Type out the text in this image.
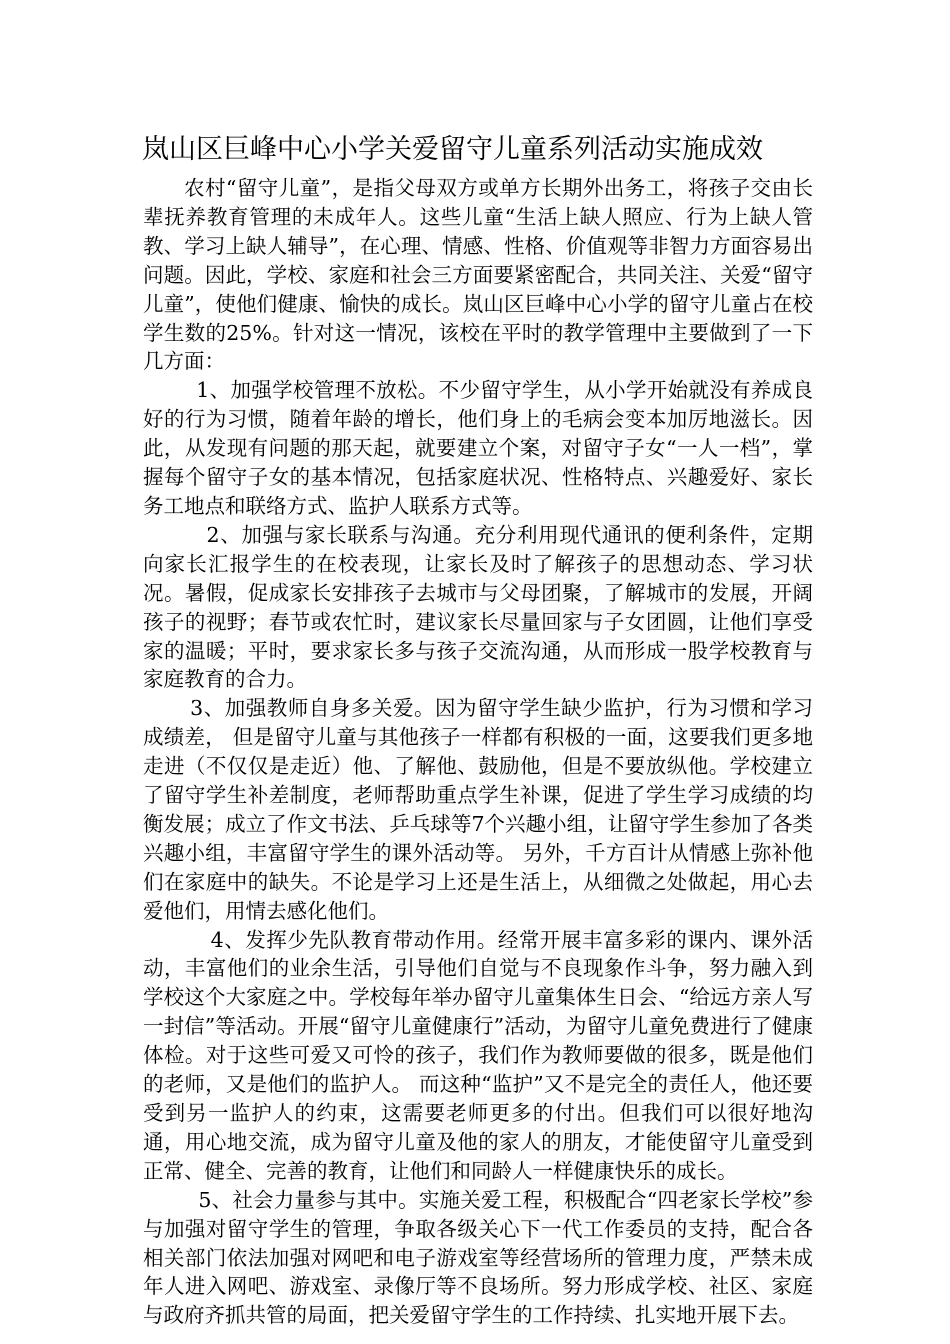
岚山区巨峰中心小学关爱留守儿童系列活动实施成效

农村“留守儿童”，是指父母双方或单方长期外出务工，将孩子交由长辈抚养教育管理的未成年人。这些儿童“生活上缺人照应、行为上缺人管教、学习上缺人辅导”，在心理、情感、性格、价值观等非智力方面容易出问题。因此，学校、家庭和社会三方面要紧密配合，共同关注、关爱“留守儿童”，使他们健康、愉快的成长。岚山区巨峰中心小学的留守儿童占在校学生数的25%。针对这一情况，该校在平时的教学管理中主要做到了一下几方面：

1、加强学校管理不放松。不少留守学生，从小学开始就没有养成良好的行为习惯，随着年龄的增长，他们身上的毛病会变本加厉地滋长。因此，从发现有问题的那天起，就要建立个案，对留守子女“一人一档”，掌握每个留守子女的基本情况，包括家庭状况、性格特点、兴趣爱好、家长务工地点和联络方式、监护人联系方式等。

2、加强与家长联系与沟通。充分利用现代通讯的便利条件，定期向家长汇报学生的在校表现，让家长及时了解孩子的思想动态、学习状况。暑假，促成家长安排孩子去城市与父母团聚，了解城市的发展，开阔孩子的视野；春节或农忙时，建议家长尽量回家与子女团圆，让他们享受家的温暖；平时，要求家长多与孩子交流沟通，从而形成一股学校教育与家庭教育的合力。

3、加强教师自身多关爱。因为留守学生缺少监护，行为习惯和学习成绩差， 但是留守儿童与其他孩子一样都有积极的一面，这要我们更多地走进（不仅仅是走近）他、了解他、鼓励他，但是不要放纵他。学校建立了留守学生补差制度，老师帮助重点学生补课，促进了学生学习成绩的均衡发展；成立了作文书法、乒乓球等7个兴趣小组，让留守学生参加了各类兴趣小组，丰富留守学生的课外活动等。 另外，千方百计从情感上弥补他们在家庭中的缺失。不论是学习上还是生活上，从细微之处做起，用心去爱他们，用情去感化他们。

4、发挥少先队教育带动作用。经常开展丰富多彩的课内、课外活动，丰富他们的业余生活，引导他们自觉与不良现象作斗争，努力融入到学校这个大家庭之中。学校每年举办留守儿童集体生日会、“给远方亲人写一封信”等活动。开展“留守儿童健康行”活动，为留守儿童免费进行了健康体检。对于这些可爱又可怜的孩子，我们作为教师要做的很多，既是他们的老师，又是他们的监护人。 而这种“监护”又不是完全的责任人，他还要受到另一监护人的约束，这需要老师更多的付出。但我们可以很好地沟通，用心地交流，成为留守儿童及他的家人的朋友，才能使留守儿童受到正常、健全、完善的教育，让他们和同龄人一样健康快乐的成长。

5、社会力量参与其中。实施关爱工程，积极配合“四老家长学校”参与加强对留守学生的管理，争取各级关心下一代工作委员的支持，配合各相关部门依法加强对网吧和电子游戏室等经营场所的管理力度，严禁未成年人进入网吧、游戏室、录像厅等不良场所。努力形成学校、社区、家庭与政府齐抓共管的局面，把关爱留守学生的工作持续、扎实地开展下去。
